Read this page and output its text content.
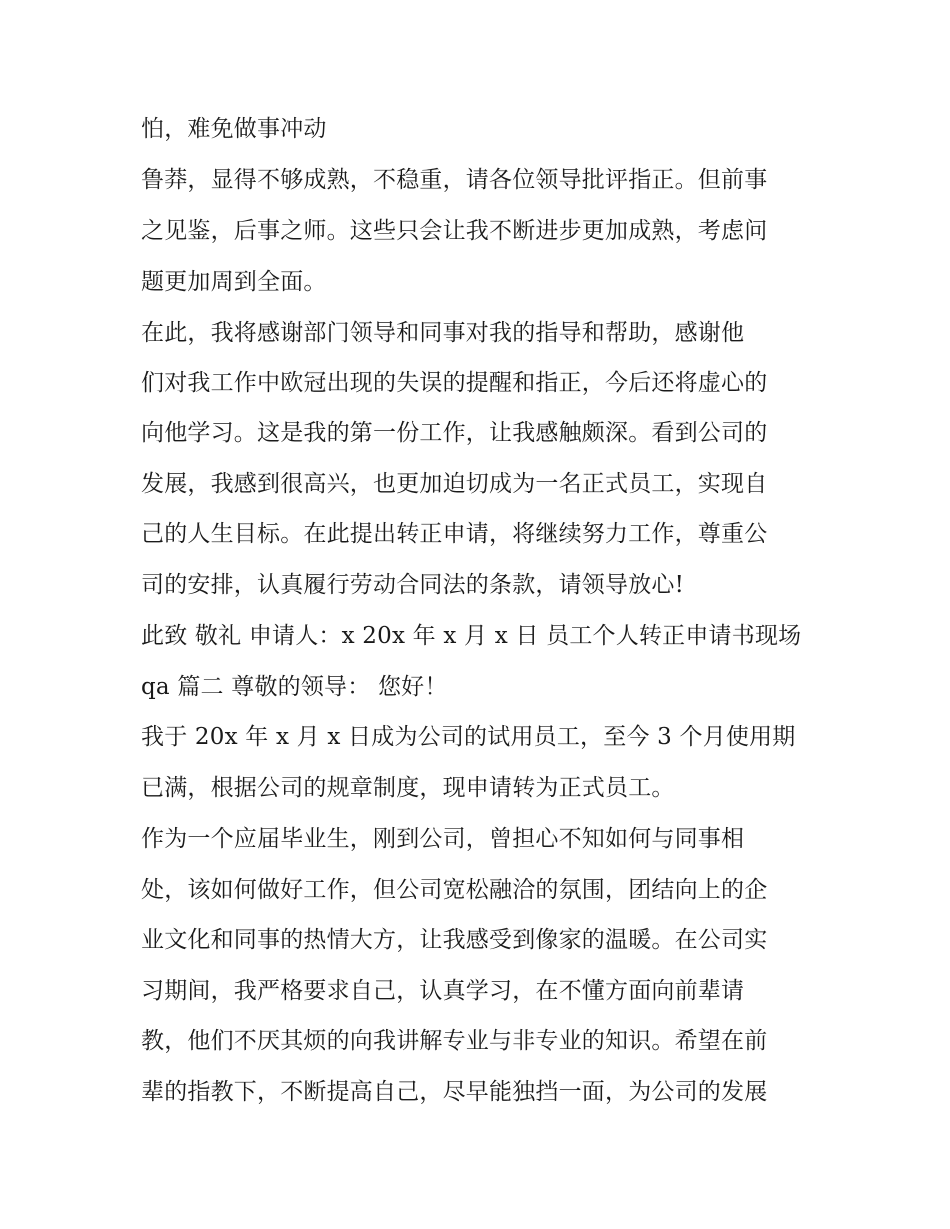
怕，难免做事冲动
鲁莽，显得不够成熟，不稳重，请各位领导批评指正。但前事
之见鉴，后事之师。这些只会让我不断进步更加成熟，考虑问
题更加周到全面。
在此，我将感谢部门领导和同事对我的指导和帮助，感谢他
们对我工作中欧冠出现的失误的提醒和指正，今后还将虚心的
向他学习。这是我的第一份工作，让我感触颇深。看到公司的
发展，我感到很高兴，也更加迫切成为一名正式员工，实现自
己的人生目标。在此提出转正申请，将继续努力工作，尊重公
司的安排，认真履行劳动合同法的条款，请领导放心!
此致 敬礼 申请人：x 20x 年 x 月 x 日 员工个人转正申请书现场
qa 篇二 尊敬的领导： 您好！
我于 20x 年 x 月 x 日成为公司的试用员工，至今 3 个月使用期
已满，根据公司的规章制度，现申请转为正式员工。
作为一个应届毕业生，刚到公司，曾担心不知如何与同事相
处，该如何做好工作，但公司宽松融洽的氛围，团结向上的企
业文化和同事的热情大方，让我感受到像家的温暖。在公司实
习期间，我严格要求自己，认真学习，在不懂方面向前辈请
教，他们不厌其烦的向我讲解专业与非专业的知识。希望在前
辈的指教下，不断提高自己，尽早能独挡一面，为公司的发展
